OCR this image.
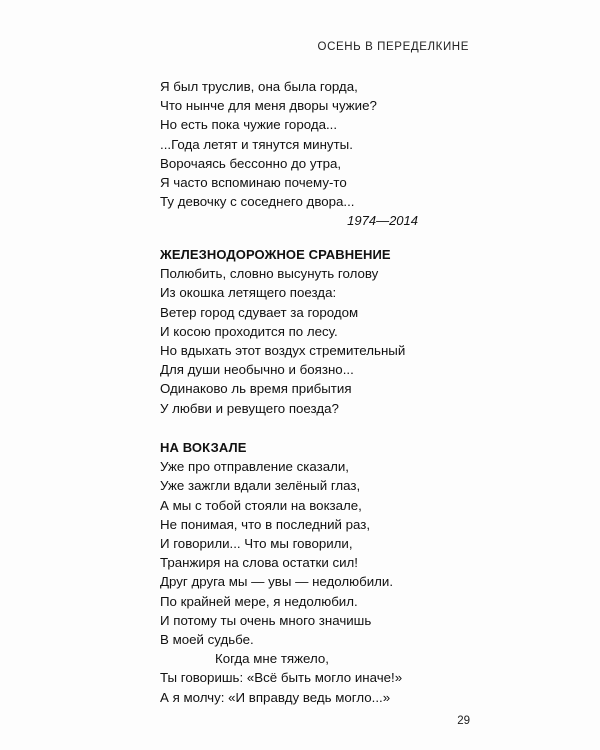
ОСЕНЬ В ПЕРЕДЕЛКИНЕ
Я был труслив, она была горда,
Что нынче для меня дворы чужие?
Но есть пока чужие города...
...Года летят и тянутся минуты.
Ворочаясь бессонно до утра,
Я часто вспоминаю почему-то
Ту девочку с соседнего двора...
1974—2014
ЖЕЛЕЗНОДОРОЖНОЕ СРАВНЕНИЕ
Полюбить, словно высунуть голову
Из окошка летящего поезда:
Ветер город сдувает за городом
И косою проходится по лесу.
Но вдыхать этот воздух стремительный
Для души необычно и боязно...
Одинаково ль время прибытия
У любви и ревущего поезда?
НА ВОКЗАЛЕ
Уже про отправление сказали,
Уже зажгли вдали зелёный глаз,
А мы с тобой стояли на вокзале,
Не понимая, что в последний раз,
И говорили... Что мы говорили,
Транжиря на слова остатки сил!
Друг друга мы — увы — недолюбили.
По крайней мере, я недолюбил.
И потому ты очень много значишь
В моей судьбе.
Когда мне тяжело,
Ты говоришь: «Всё быть могло иначе!»
А я молчу: «И вправду ведь могло...»
29
